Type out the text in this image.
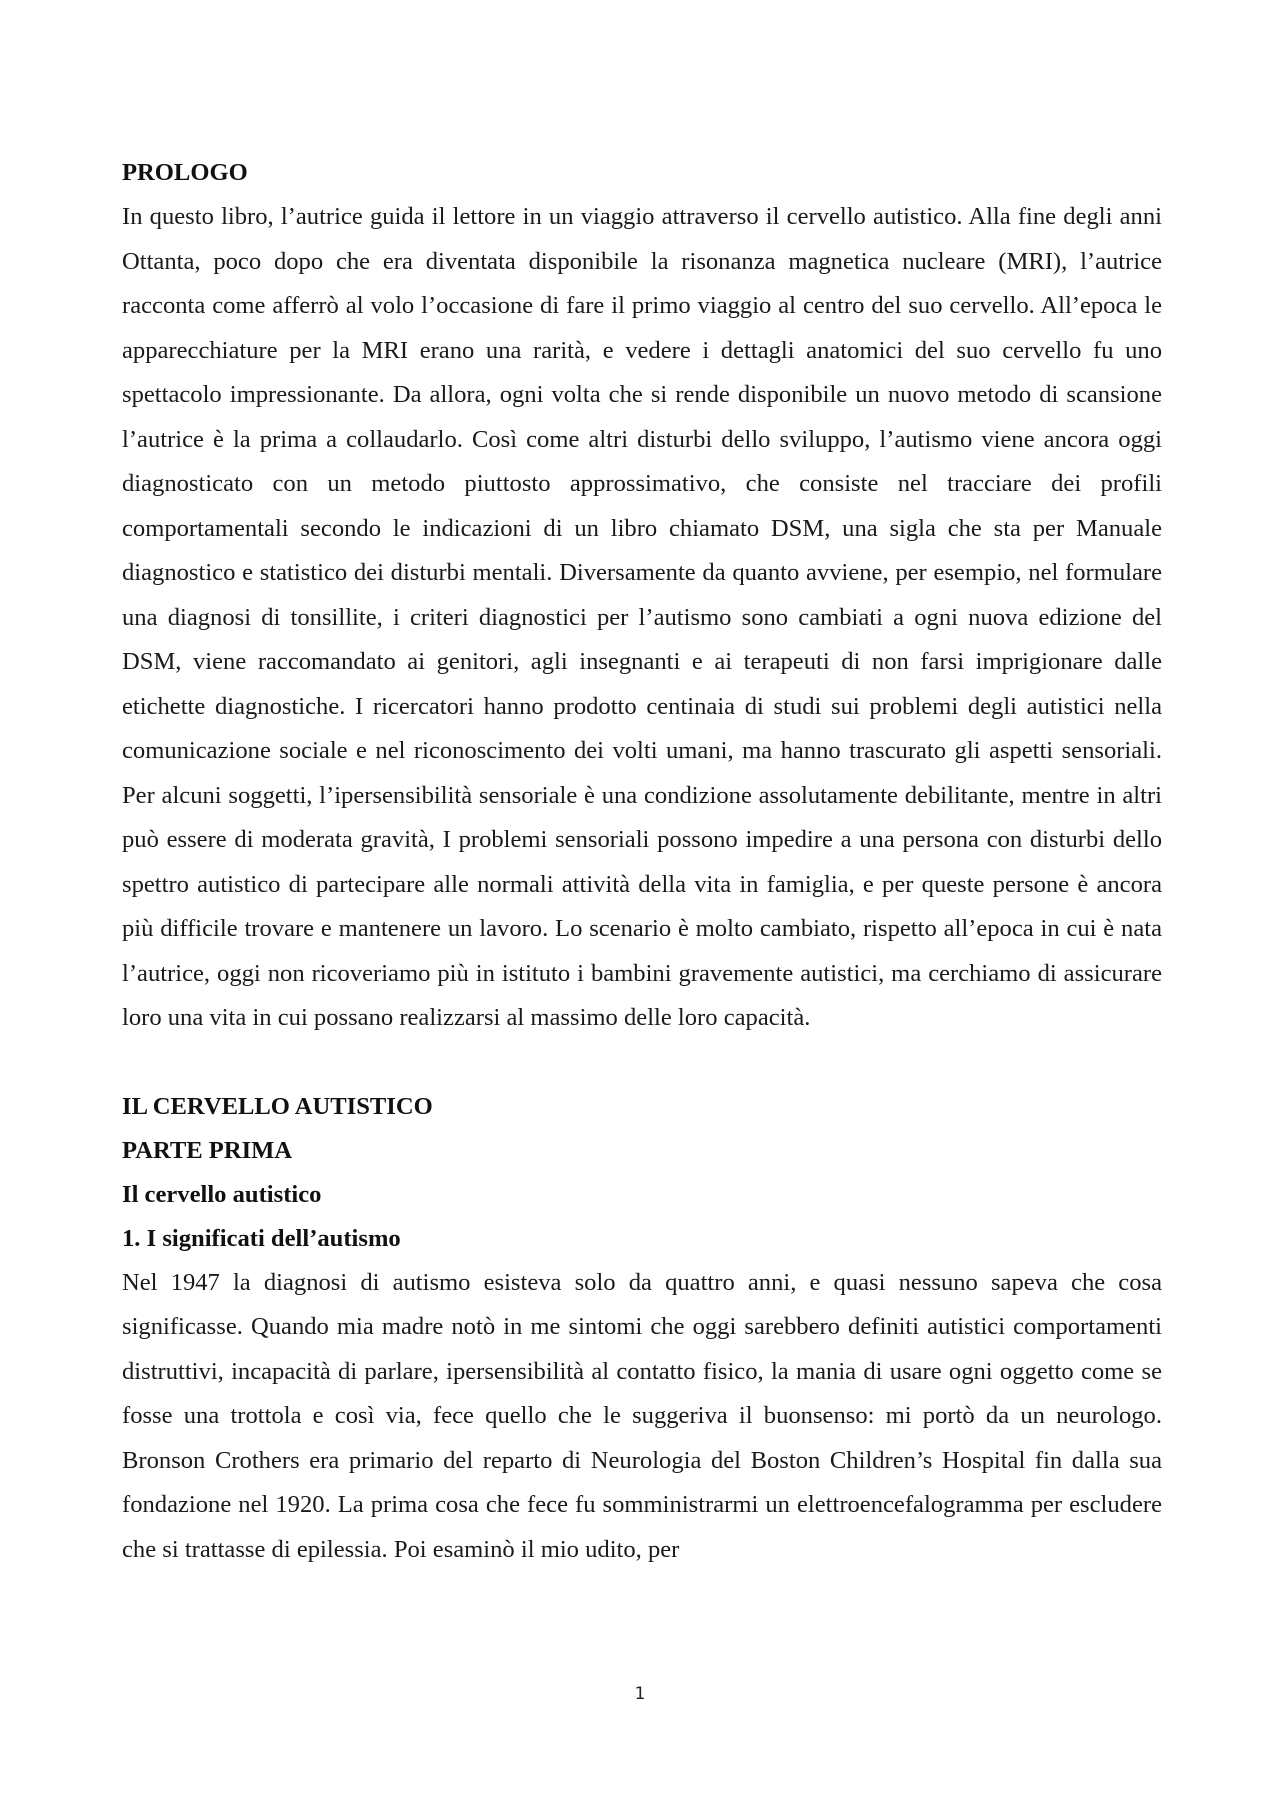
PROLOGO

In questo libro, l’autrice guida il lettore in un viaggio attraverso il cervello autistico. Alla fine degli anni Ottanta, poco dopo che era diventata disponibile la risonanza magnetica nucleare (MRI), l’autrice racconta come afferrò al volo l’occasione di fare il primo viaggio al centro del suo cervello. All’epoca le apparecchiature per la MRI erano una rarità, e vedere i dettagli anatomici del suo cervello fu uno spettacolo impressionante. Da allora, ogni volta che si rende disponibile un nuovo metodo di scansione l’autrice è la prima a collaudarlo. Così come altri disturbi dello sviluppo, l’autismo viene ancora oggi diagnosticato con un metodo piuttosto approssimativo, che consiste nel tracciare dei profili comportamentali secondo le indicazioni di un libro chiamato DSM, una sigla che sta per Manuale diagnostico e statistico dei disturbi mentali. Diversamente da quanto avviene, per esempio, nel formulare una diagnosi di tonsillite, i criteri diagnostici per l’autismo sono cambiati a ogni nuova edizione del DSM, viene raccomandato ai genitori, agli insegnanti e ai terapeuti di non farsi imprigionare dalle etichette diagnostiche. I ricercatori hanno prodotto centinaia di studi sui problemi degli autistici nella comunicazione sociale e nel riconoscimento dei volti umani, ma hanno trascurato gli aspetti sensoriali. Per alcuni soggetti, l’ipersensibilità sensoriale è una condizione assolutamente debilitante, mentre in altri può essere di moderata gravità, I problemi sensoriali possono impedire a una persona con disturbi dello spettro autistico di partecipare alle normali attività della vita in famiglia, e per queste persone è ancora più difficile trovare e mantenere un lavoro. Lo scenario è molto cambiato, rispetto all’epoca in cui è nata l’autrice, oggi non ricoveriamo più in istituto i bambini gravemente autistici, ma cerchiamo di assicurare loro una vita in cui possano realizzarsi al massimo delle loro capacità.

IL CERVELLO AUTISTICO

PARTE PRIMA

Il cervello autistico

1. I significati dell’autismo

Nel 1947 la diagnosi di autismo esisteva solo da quattro anni, e quasi nessuno sapeva che cosa significasse. Quando mia madre notò in me sintomi che oggi sarebbero definiti autistici comportamenti distruttivi, incapacità di parlare, ipersensibilità al contatto fisico, la mania di usare ogni oggetto come se fosse una trottola e così via, fece quello che le suggeriva il buonsenso: mi portò da un neurologo. Bronson Crothers era primario del reparto di Neurologia del Boston Children’s Hospital fin dalla sua fondazione nel 1920. La prima cosa che fece fu somministrarmi un elettroencefalogramma per escludere che si trattasse di epilessia. Poi esaminò il mio udito, per

1
